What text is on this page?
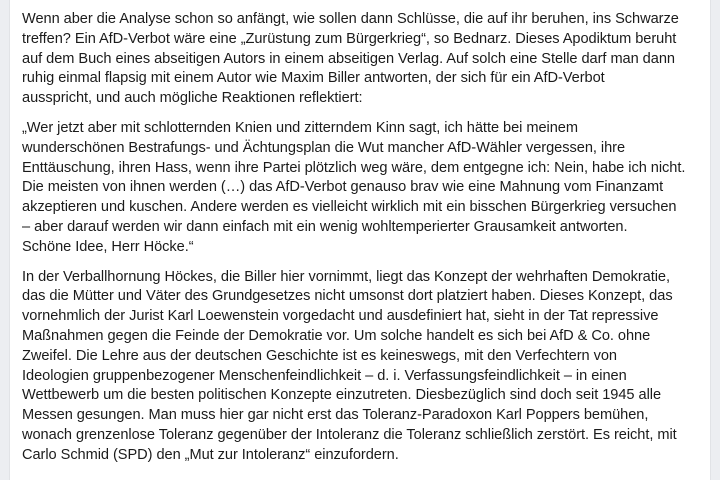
Wenn aber die Analyse schon so anfängt, wie sollen dann Schlüsse, die auf ihr beruhen, ins Schwarze
treffen? Ein AfD-Verbot wäre eine „Zurüstung zum Bürgerkrieg“, so Bednarz. Dieses Apodiktum beruht
auf dem Buch eines abseitigen Autors in einem abseitigen Verlag. Auf solch eine Stelle darf man dann
ruhig einmal flapsig mit einem Autor wie Maxim Biller antworten, der sich für ein AfD-Verbot
ausspricht, und auch mögliche Reaktionen reflektiert:

„Wer jetzt aber mit schlotternden Knien und zitterndem Kinn sagt, ich hätte bei meinem
wunderschönen Bestrafungs- und Ächtungsplan die Wut mancher AfD-Wähler vergessen, ihre
Enttäuschung, ihren Hass, wenn ihre Partei plötzlich weg wäre, dem entgegne ich: Nein, habe ich nicht.
Die meisten von ihnen werden (…) das AfD-Verbot genauso brav wie eine Mahnung vom Finanzamt
akzeptieren und kuschen. Andere werden es vielleicht wirklich mit ein bisschen Bürgerkrieg versuchen
– aber darauf werden wir dann einfach mit ein wenig wohltemperierter Grausamkeit antworten.
Schöne Idee, Herr Höcke.“

In der Verballhornung Höckes, die Biller hier vornimmt, liegt das Konzept der wehrhaften Demokratie,
das die Mütter und Väter des Grundgesetzes nicht umsonst dort platziert haben. Dieses Konzept, das
vornehmlich der Jurist Karl Loewenstein vorgedacht und ausdefiniert hat, sieht in der Tat repressive
Maßnahmen gegen die Feinde der Demokratie vor. Um solche handelt es sich bei AfD & Co. ohne
Zweifel. Die Lehre aus der deutschen Geschichte ist es keineswegs, mit den Verfechtern von
Ideologien gruppenbezogener Menschenfeindlichkeit – d. i. Verfassungsfeindlichkeit – in einen
Wettbewerb um die besten politischen Konzepte einzutreten. Diesbezüglich sind doch seit 1945 alle
Messen gesungen. Man muss hier gar nicht erst das Toleranz-Paradoxon Karl Poppers bemühen,
wonach grenzenlose Toleranz gegenüber der Intoleranz die Toleranz schließlich zerstört. Es reicht, mit
Carlo Schmid (SPD) den „Mut zur Intoleranz“ einzufordern.
